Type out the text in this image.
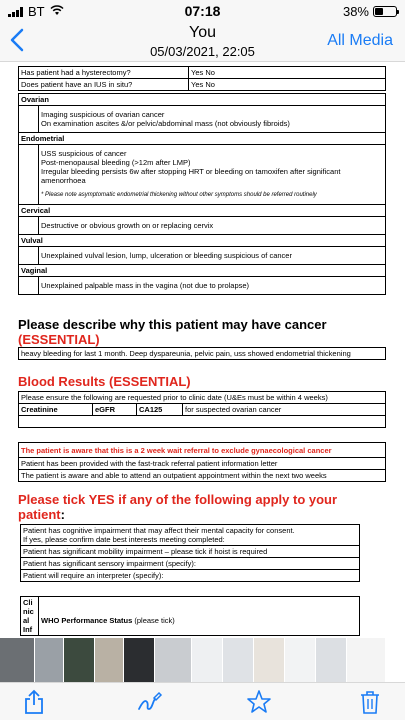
BT	07:18	38%
You
05/03/2021, 22:05
All Media
Has patient had a hysterectomy?	Yes No
Does patient have an IUS in situ?	Yes No
Ovarian	

	Imaging suspicious of ovarian cancer
On examination ascites &/or pelvic/abdominal mass (not obviously fibroids)

Endometrial	

	USS suspicious of cancer
Post-menopausal bleeding (>12m after LMP)
Irregular bleeding persists 6w after stopping HRT or bleeding on tamoxifen after significant amenorrhoea
* Please note asymptomatic endometrial thickening without other symptoms should be referred routinely

Cervical	

	Destructive or obvious growth on or replacing cervix

Vulval	

	Unexplained vulval lesion, lump, ulceration or bleeding suspicious of cancer

Vaginal	

	Unexplained palpable mass in the vagina (not due to prolapse)
Please describe why this patient may have cancer
(ESSENTIAL)
heavy bleeding for last 1 month. Deep dyspareunia, pelvic pain, uss showed endometrial thickening
Blood Results (ESSENTIAL)
Please ensure the following are requested prior to clinic date (U&Es must be within 4 weeks)
Creatinine	eGFR	CA125	for suspected ovarian cancer

The patient is aware that this is a 2 week wait referral to exclude gynaecological cancer
Patient has been provided with the fast-track referral patient information letter
The patient is aware and able to attend an outpatient appointment within the next two weeks
Please tick YES if any of the following apply to your patient:
Patient has cognitive impairment that may affect their mental capacity for consent.
If yes, please confirm date best interests meeting completed:

Patient has significant mobility impairment – please tick if hoist is required
Patient has significant sensory impairment (specify):
Patient will require an interpreter (specify):
Cli
nic
al
Inf	WHO Performance Status (please tick)
